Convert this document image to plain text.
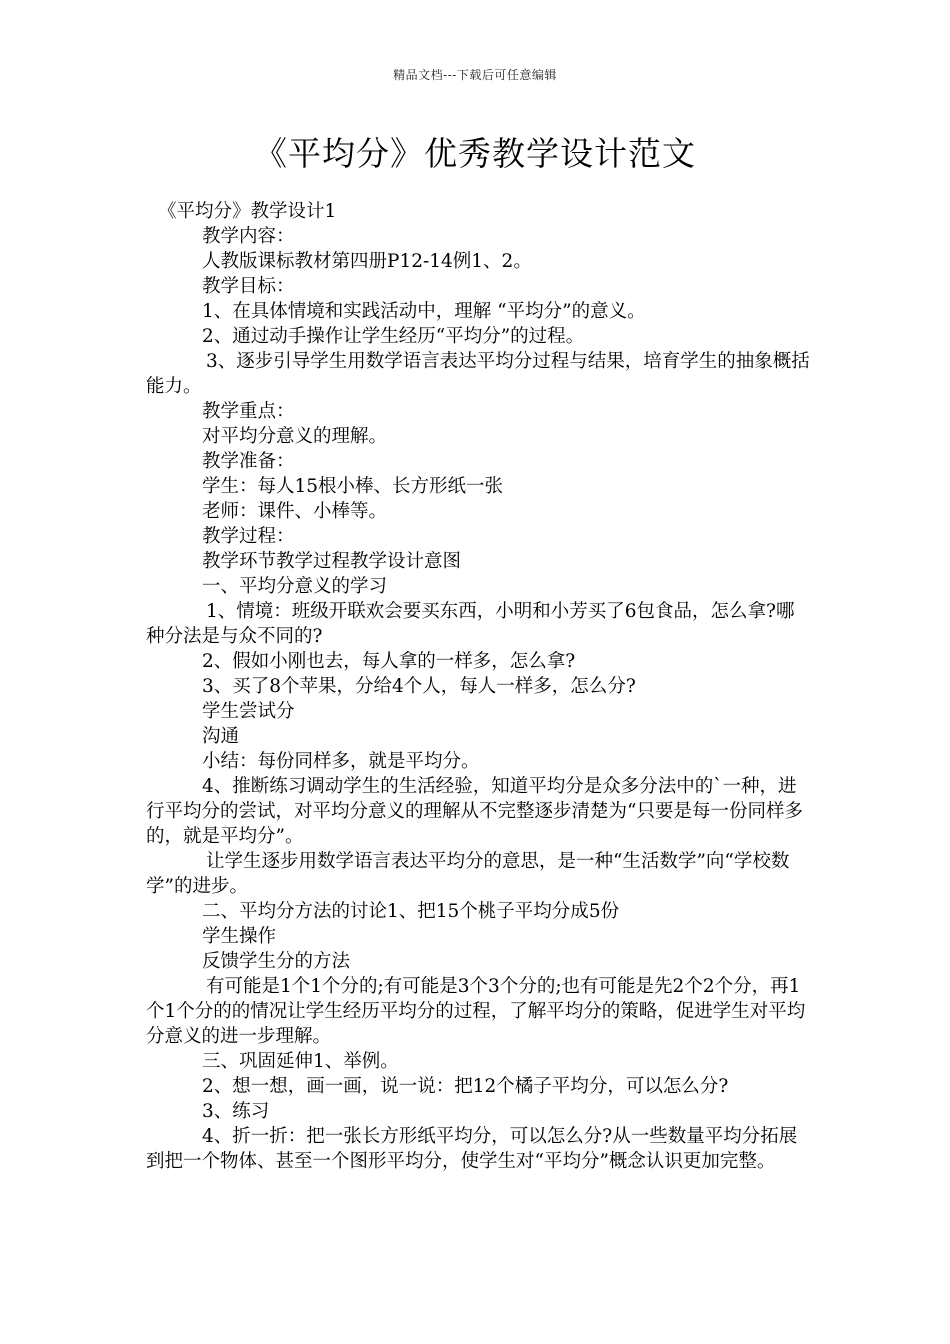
精品文档---下载后可任意编辑
《平均分》优秀教学设计范文

《平均分》教学设计1

教学内容：

人教版课标教材第四册P12-14例1、2。

教学目标：

1、在具体情境和实践活动中，理解 “平均分”的意义。

2、通过动手操作让学生经历“平均分”的过程。

3、逐步引导学生用数学语言表达平均分过程与结果，培育学生的抽象概括能力。

教学重点：

对平均分意义的理解。

教学准备：

学生：每人15根小棒、长方形纸一张

老师：课件、小棒等。

教学过程：

教学环节教学过程教学设计意图

一、平均分意义的学习

1、情境：班级开联欢会要买东西，小明和小芳买了6包食品，怎么拿?哪种分法是与众不同的?

2、假如小刚也去，每人拿的一样多，怎么拿?

3、买了8个苹果，分给4个人，每人一样多，怎么分?

学生尝试分

沟通

小结：每份同样多，就是平均分。

4、推断练习调动学生的生活经验，知道平均分是众多分法中的`一种，进行平均分的尝试，对平均分意义的理解从不完整逐步清楚为“只要是每一份同样多的，就是平均分”。

让学生逐步用数学语言表达平均分的意思，是一种“生活数学”向“学校数学”的进步。

二、平均分方法的讨论1、把15个桃子平均分成5份

学生操作

反馈学生分的方法

有可能是1个1个分的;有可能是3个3个分的;也有可能是先2个2个分，再1个1个分的的情况让学生经历平均分的过程，了解平均分的策略，促进学生对平均分意义的进一步理解。

三、巩固延伸1、举例。

2、想一想，画一画，说一说：把12个橘子平均分，可以怎么分?

3、练习

4、折一折：把一张长方形纸平均分，可以怎么分?从一些数量平均分拓展到把一个物体、甚至一个图形平均分，使学生对“平均分”概念认识更加完整。
